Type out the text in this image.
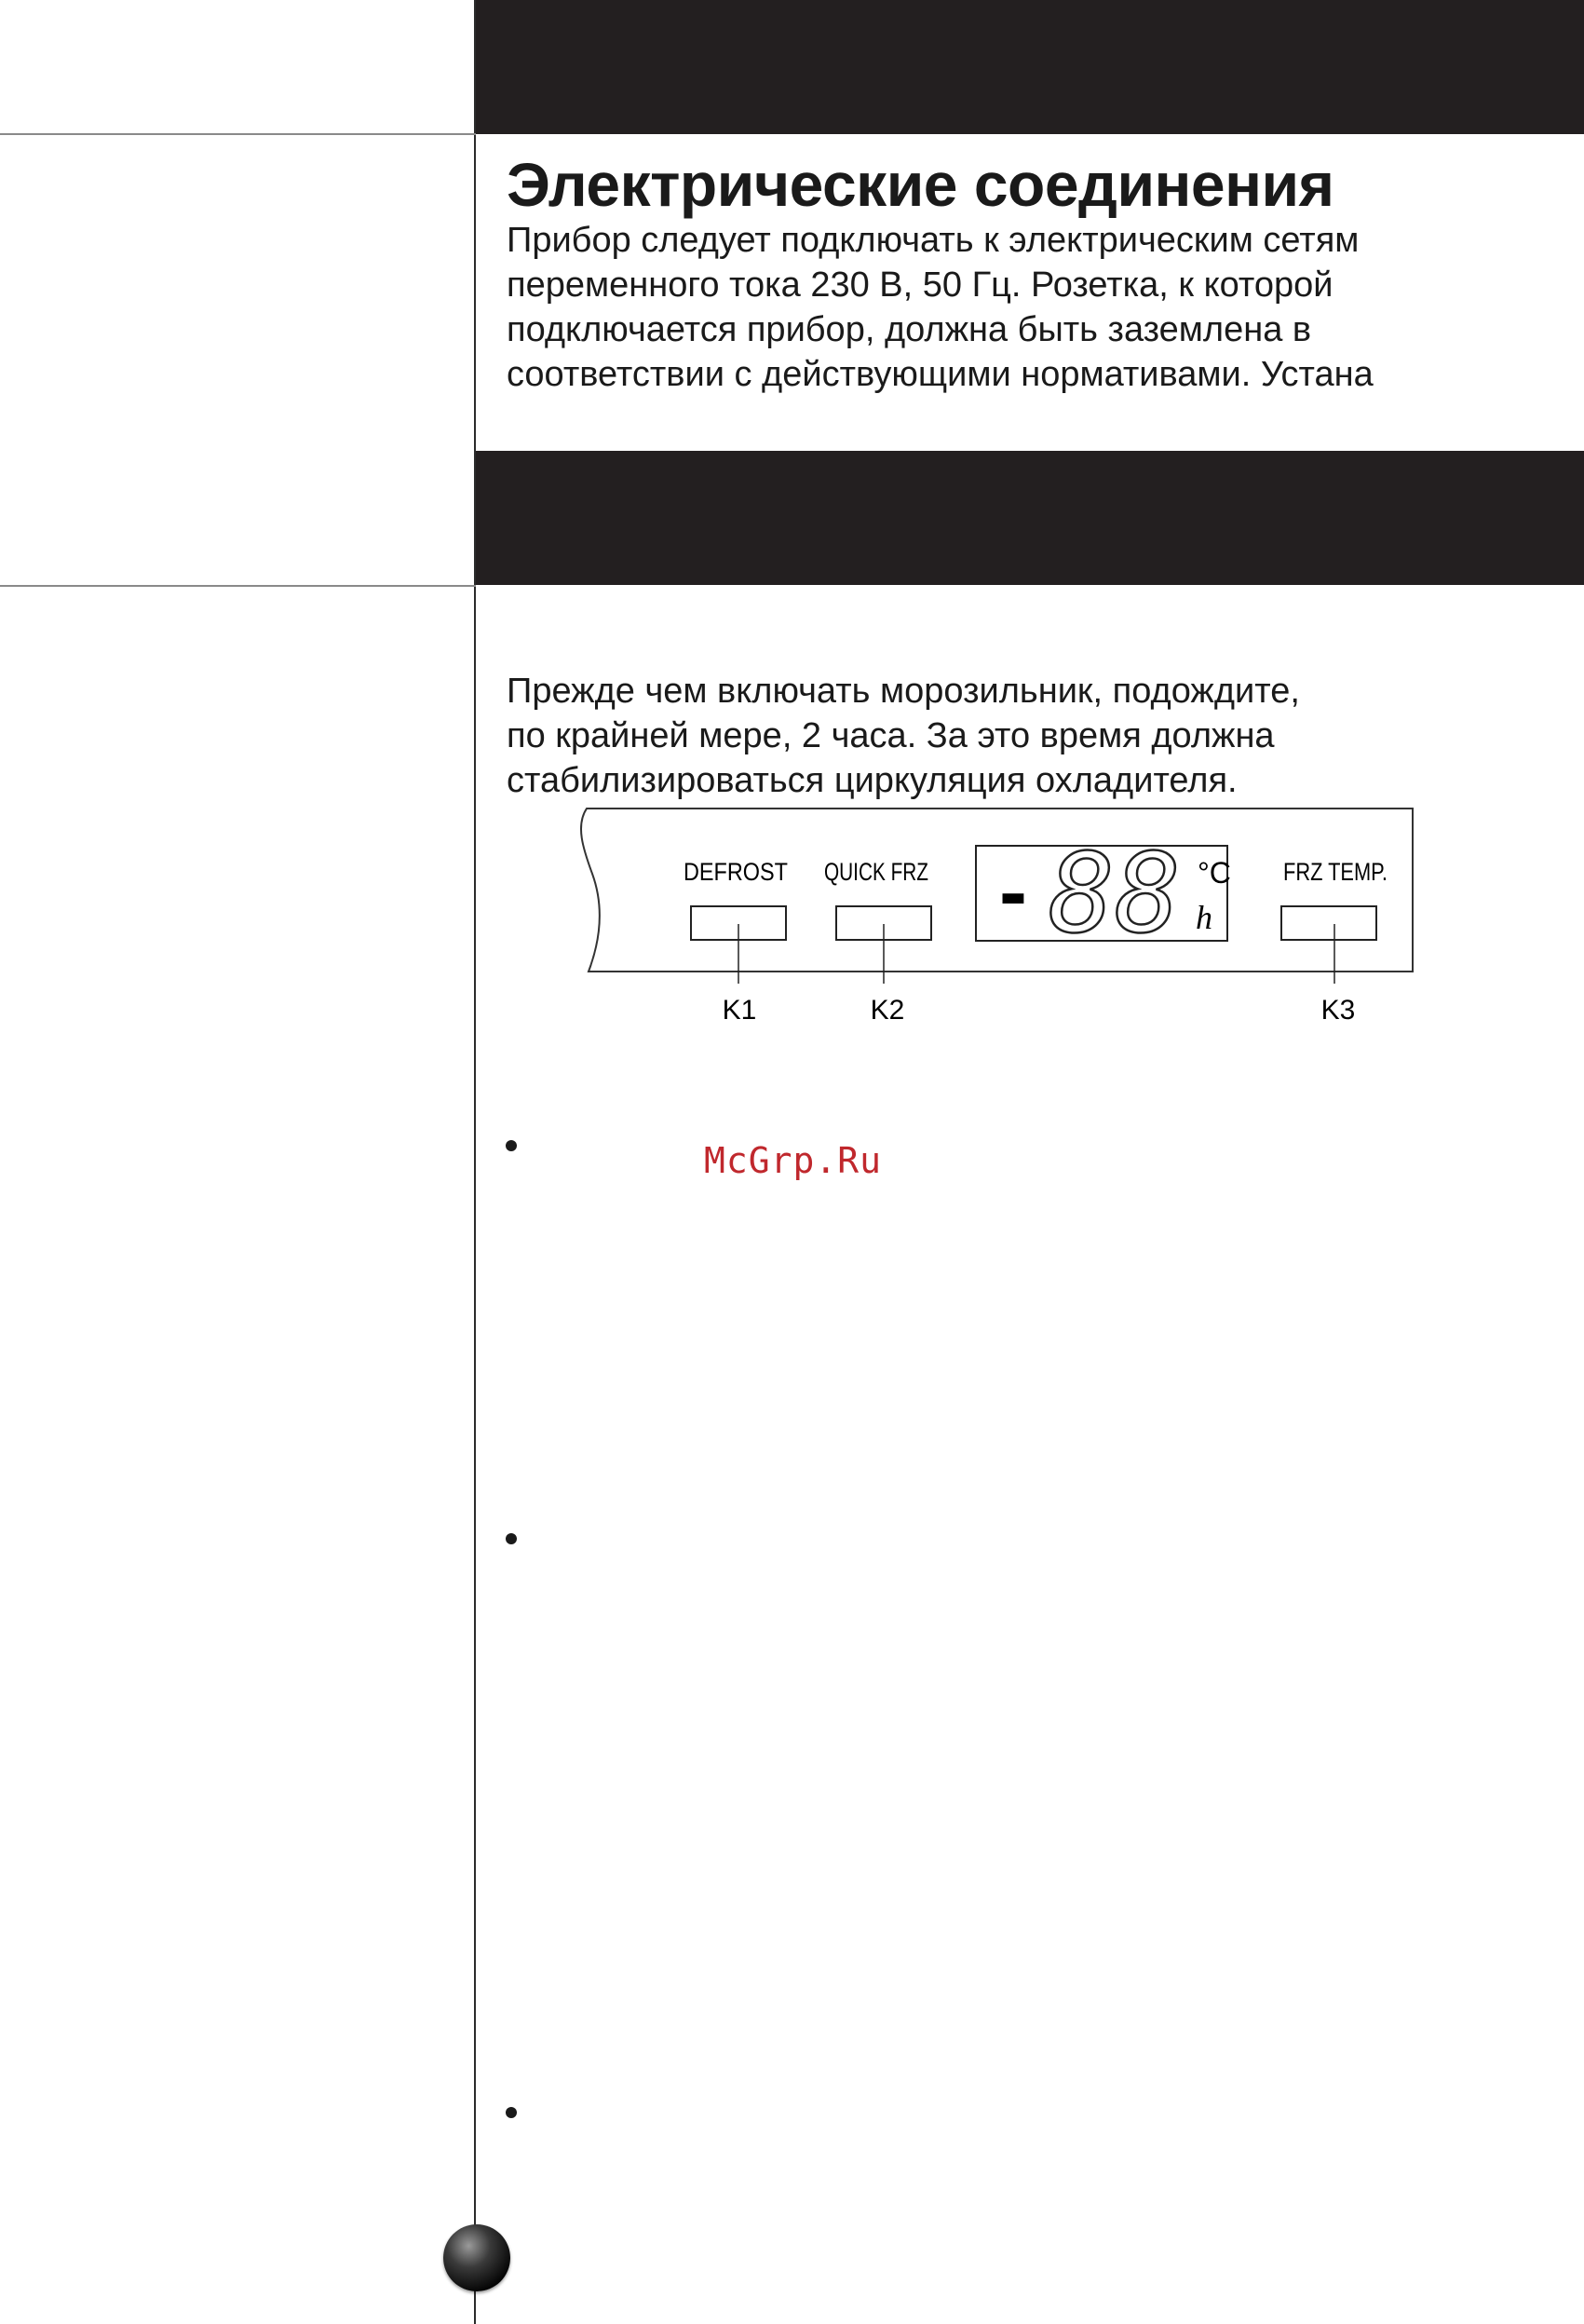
Электрические соединения
Прибор следует подключать к электрическим сетям
переменного тока 230 В, 50 Гц. Розетка, к которой
подключается прибор, должна быть заземлена в
соответствии с действующими нормативами. Устана
Прежде чем включать морозильник, подождите,
по крайней мере, 2 часа. За это время должна
стабилизироваться циркуляция охладителя.
DEFROST
K1
QUICK FRZ
K2
- 88 °C
h
FRZ TEMP.
K3
McGrp.Ru
